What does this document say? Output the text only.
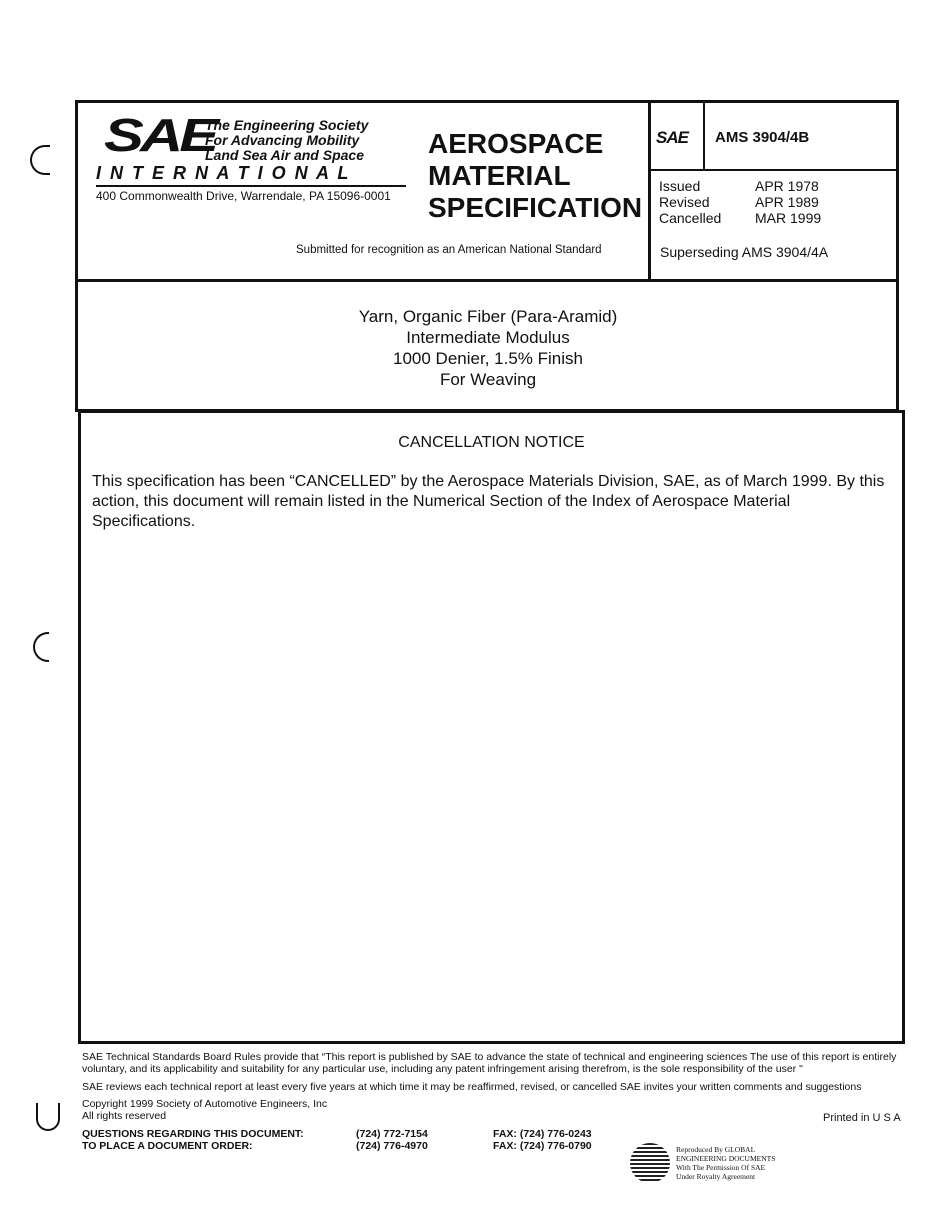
SAE
The Engineering Society
For Advancing Mobility
Land Sea Air and Space
I N T E R N A T I O N A L
400 Commonwealth Drive, Warrendale, PA 15096-0001
AEROSPACE
MATERIAL
SPECIFICATION
Submitted for recognition as an American National Standard
SAE AMS 3904/4B
Issued	APR 1978
Revised	APR 1989
Cancelled MAR 1999
Superseding AMS 3904/4A
Yarn, Organic Fiber (Para-Aramid)
Intermediate Modulus
1000 Denier, 1.5% Finish
For Weaving
CANCELLATION NOTICE
This specification has been “CANCELLED” by the Aerospace Materials Division, SAE, as of March 1999. By this action, this document will remain listed in the Numerical Section of the Index of Aerospace Material Specifications.
SAE Technical Standards Board Rules provide that “This report is published by SAE to advance the state of technical and engineering sciences The use of this report is entirely voluntary, and its applicability and suitability for any particular use, including any patent infringement arising therefrom, is the sole responsibility of the user "
SAE reviews each technical report at least every five years at which time it may be reaffirmed, revised, or cancelled SAE invites your written comments and suggestions
Copyright 1999 Society of Automotive Engineers, Inc
All rights reserved	Printed in U S A
QUESTIONS REGARDING THIS DOCUMENT:	(724) 772-7154	FAX: (724) 776-0243
TO PLACE A DOCUMENT ORDER:	(724) 776-4970	FAX: (724) 776-0790	Reproduced By GLOBAL
ENGINEERING DOCUMENTS
With The Permission Of SAE
Under Royalty Agreement
